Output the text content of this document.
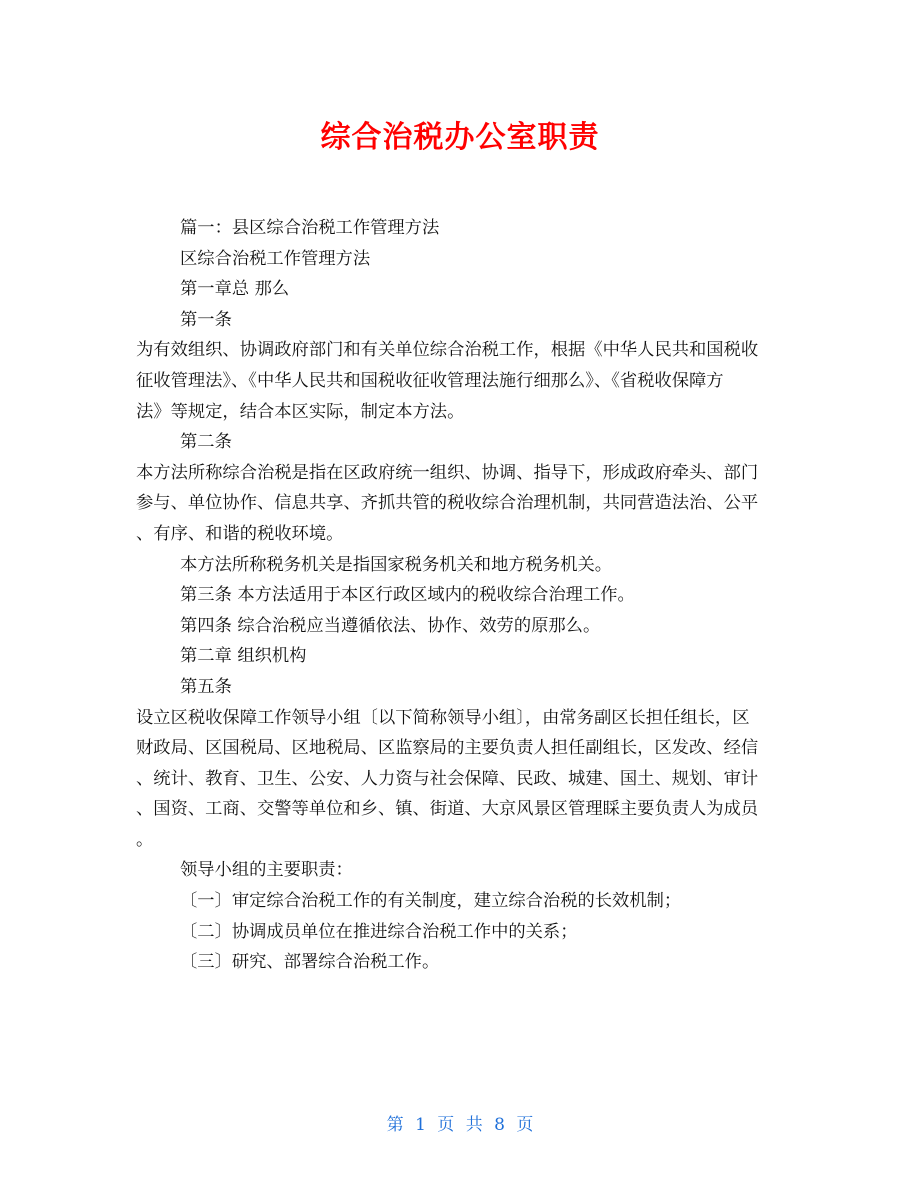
综合治税办公室职责
篇一：县区综合治税工作管理方法
区综合治税工作管理方法
第一章总 那么
第一条
为有效组织、协调政府部门和有关单位综合治税工作，根据《中华人民共和国税收
征收管理法》、《中华人民共和国税收征收管理法施行细那么》、《省税收保障方
法》等规定，结合本区实际，制定本方法。
第二条
本方法所称综合治税是指在区政府统一组织、协调、指导下，形成政府牵头、部门
参与、单位协作、信息共享、齐抓共管的税收综合治理机制，共同营造法治、公平
、有序、和谐的税收环境。
本方法所称税务机关是指国家税务机关和地方税务机关。
第三条 本方法适用于本区行政区域内的税收综合治理工作。
第四条 综合治税应当遵循依法、协作、效劳的原那么。
第二章 组织机构
第五条
设立区税收保障工作领导小组〔以下简称领导小组〕，由常务副区长担任组长，区
财政局、区国税局、区地税局、区监察局的主要负责人担任副组长，区发改、经信
、统计、教育、卫生、公安、人力资与社会保障、民政、城建、国土、规划、审计
、国资、工商、交警等单位和乡、镇、街道、大京风景区管理睬主要负责人为成员
。
领导小组的主要职责：
〔一〕审定综合治税工作的有关制度，建立综合治税的长效机制；
〔二〕协调成员单位在推进综合治税工作中的关系；
〔三〕研究、部署综合治税工作。
第 1 页 共 8 页
